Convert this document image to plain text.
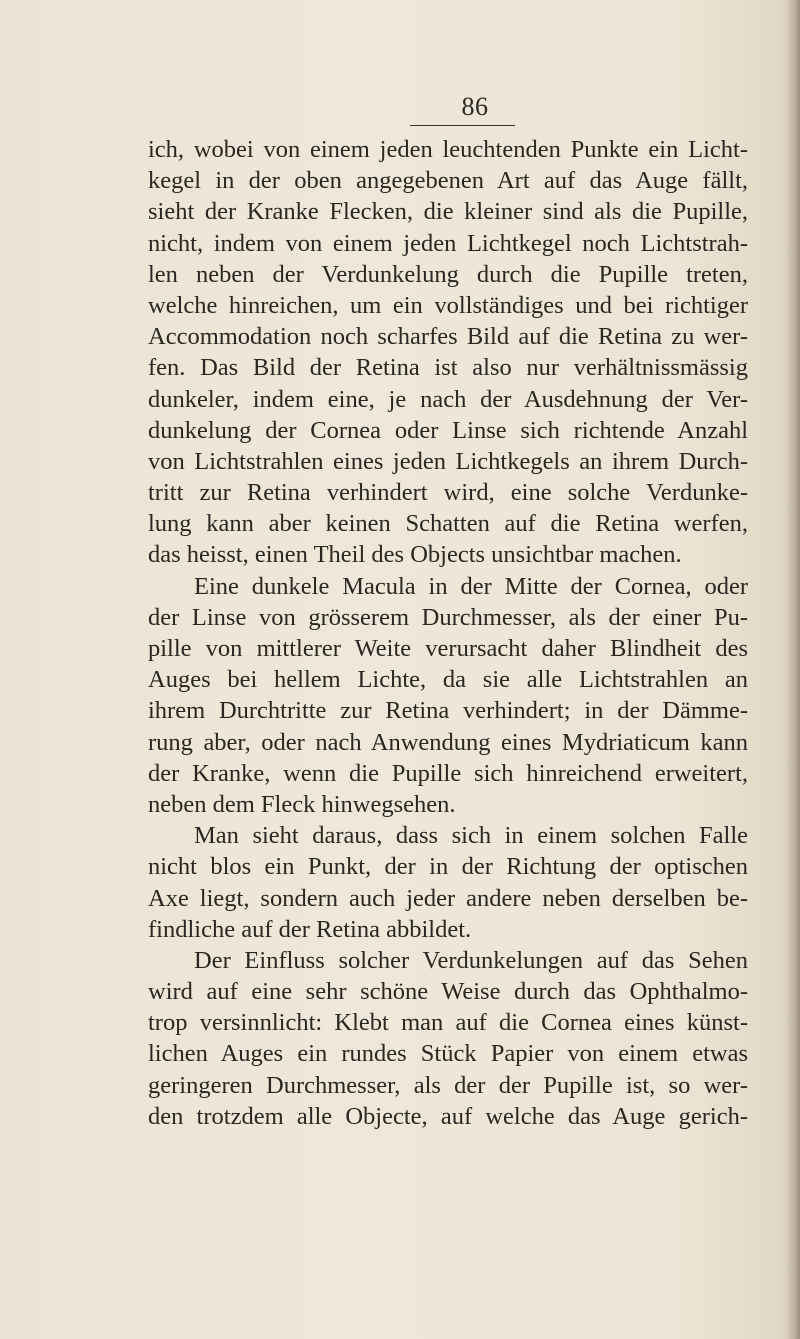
86
ich, wobei von einem jeden leuchtenden Punkte ein Licht-
kegel in der oben angegebenen Art auf das Auge fällt,
sieht der Kranke Flecken, die kleiner sind als die Pupille,
nicht, indem von einem jeden Lichtkegel noch Lichtstrah-
len neben der Verdunkelung durch die Pupille treten,
welche hinreichen, um ein vollständiges und bei richtiger
Accommodation noch scharfes Bild auf die Retina zu wer-
fen. Das Bild der Retina ist also nur verhältnissmässig
dunkeler, indem eine, je nach der Ausdehnung der Ver-
dunkelung der Cornea oder Linse sich richtende Anzahl
von Lichtstrahlen eines jeden Lichtkegels an ihrem Durch-
tritt zur Retina verhindert wird, eine solche Verdunke-
lung kann aber keinen Schatten auf die Retina werfen,
das heisst, einen Theil des Objects unsichtbar machen.
Eine dunkele Macula in der Mitte der Cornea, oder
der Linse von grösserem Durchmesser, als der einer Pu-
pille von mittlerer Weite verursacht daher Blindheit des
Auges bei hellem Lichte, da sie alle Lichtstrahlen an
ihrem Durchtritte zur Retina verhindert; in der Dämme-
rung aber, oder nach Anwendung eines Mydriaticum kann
der Kranke, wenn die Pupille sich hinreichend erweitert,
neben dem Fleck hinwegsehen.
Man sieht daraus, dass sich in einem solchen Falle
nicht blos ein Punkt, der in der Richtung der optischen
Axe liegt, sondern auch jeder andere neben derselben be-
findliche auf der Retina abbildet.
Der Einfluss solcher Verdunkelungen auf das Sehen
wird auf eine sehr schöne Weise durch das Ophthalmo-
trop versinnlicht: Klebt man auf die Cornea eines künst-
lichen Auges ein rundes Stück Papier von einem etwas
geringeren Durchmesser, als der der Pupille ist, so wer-
den trotzdem alle Objecte, auf welche das Auge gerich-
